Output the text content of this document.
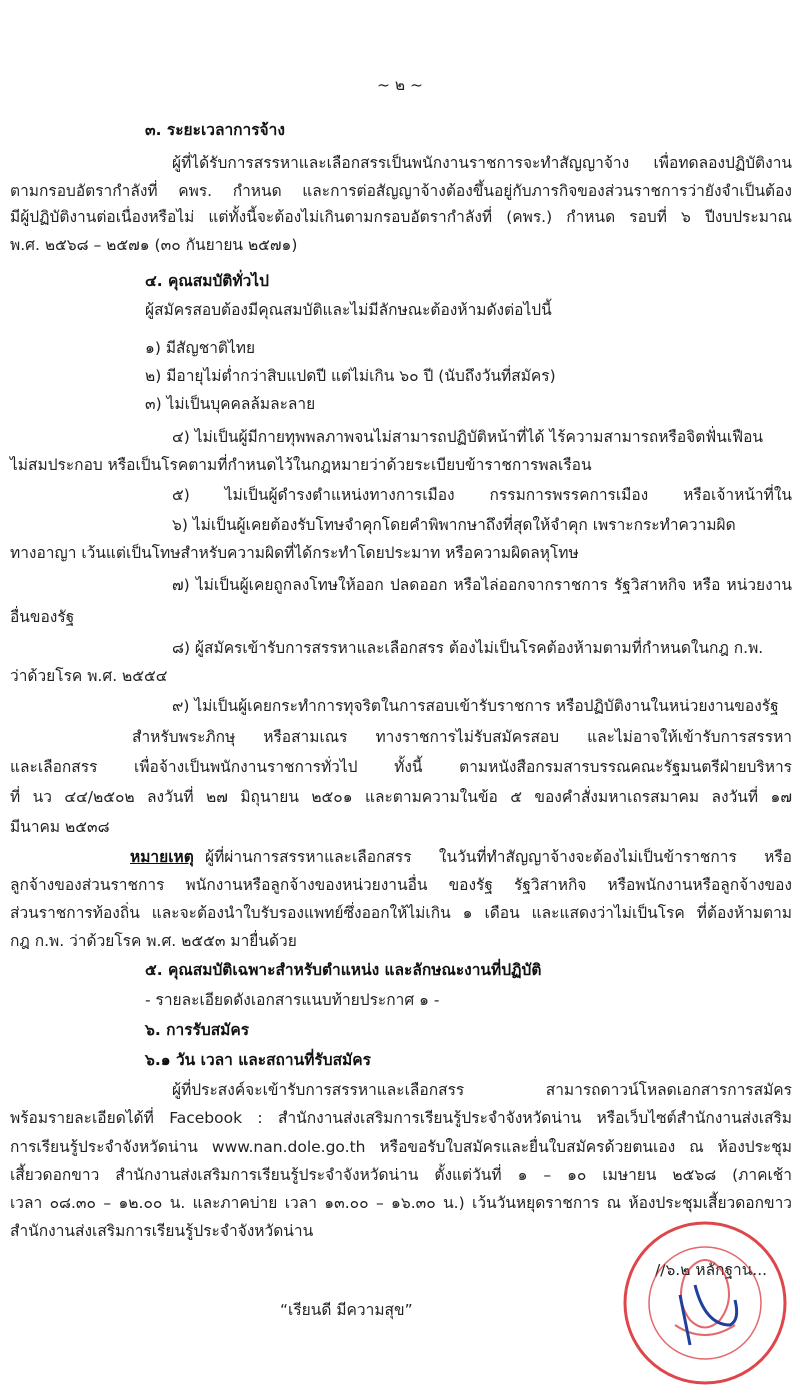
~ ๒ ~
๓. ระยะเวลาการจ้าง
ผู้ที่ได้รับการสรรหาและเลือกสรรเป็นพนักงานราชการจะทำสัญญาจ้าง เพื่อทดลองปฏิบัติงาน
ตามกรอบอัตรากำลังที่ คพร. กำหนด และการต่อสัญญาจ้างต้องขึ้นอยู่กับภารกิจของส่วนราชการว่ายังจำเป็นต้อง
มีผู้ปฏิบัติงานต่อเนื่องหรือไม่ แต่ทั้งนี้จะต้องไม่เกินตามกรอบอัตรากำลังที่ (คพร.) กำหนด รอบที่ ๖ ปีงบประมาณ
พ.ศ. ๒๕๖๘ – ๒๕๗๑ (๓๐ กันยายน ๒๕๗๑)
๔. คุณสมบัติทั่วไป
ผู้สมัครสอบต้องมีคุณสมบัติและไม่มีลักษณะต้องห้ามดังต่อไปนี้
๑) มีสัญชาติไทย
๒) มีอายุไม่ต่ำกว่าสิบแปดปี แต่ไม่เกิน ๖๐ ปี (นับถึงวันที่สมัคร)
๓) ไม่เป็นบุคคลล้มละลาย
๔) ไม่เป็นผู้มีกายทุพพลภาพจนไม่สามารถปฏิบัติหน้าที่ได้ ไร้ความสามารถหรือจิตฟั่นเฟือน
ไม่สมประกอบ หรือเป็นโรคตามที่กำหนดไว้ในกฎหมายว่าด้วยระเบียบข้าราชการพลเรือน
๕) ไม่เป็นผู้ดำรงตำแหน่งทางการเมือง กรรมการพรรคการเมือง หรือเจ้าหน้าที่ใน
๖) ไม่เป็นผู้เคยต้องรับโทษจำคุกโดยคำพิพากษาถึงที่สุดให้จำคุก เพราะกระทำความผิด
ทางอาญา เว้นแต่เป็นโทษสำหรับความผิดที่ได้กระทำโดยประมาท หรือความผิดลหุโทษ
๗) ไม่เป็นผู้เคยถูกลงโทษให้ออก ปลดออก หรือไล่ออกจากราชการ รัฐวิสาหกิจ หรือ หน่วยงาน
อื่นของรัฐ
๘) ผู้สมัครเข้ารับการสรรหาและเลือกสรร ต้องไม่เป็นโรคต้องห้ามตามที่กำหนดในกฎ ก.พ.
ว่าด้วยโรค พ.ศ. ๒๕๕๔
๙) ไม่เป็นผู้เคยกระทำการทุจริตในการสอบเข้ารับราชการ หรือปฏิบัติงานในหน่วยงานของรัฐ
สำหรับพระภิกษุ หรือสามเณร ทางราชการไม่รับสมัครสอบ และไม่อาจให้เข้ารับการสรรหา
และเลือกสรร เพื่อจ้างเป็นพนักงานราชการทั่วไป ทั้งนี้ ตามหนังสือกรมสารบรรณคณะรัฐมนตรีฝ่ายบริหาร
ที่ นว ๔๔/๒๕๐๒ ลงวันที่ ๒๗ มิถุนายน ๒๕๐๑ และตามความในข้อ ๕ ของคำสั่งมหาเถรสมาคม ลงวันที่ ๑๗
มีนาคม ๒๕๓๘
หมายเหตุ ผู้ที่ผ่านการสรรหาและเลือกสรร ในวันที่ทำสัญญาจ้างจะต้องไม่เป็นข้าราชการ หรือ
ลูกจ้างของส่วนราชการ พนักงานหรือลูกจ้างของหน่วยงานอื่น ของรัฐ รัฐวิสาหกิจ หรือพนักงานหรือลูกจ้างของ
ส่วนราชการท้องถิ่น และจะต้องนำใบรับรองแพทย์ซึ่งออกให้ไม่เกิน ๑ เดือน และแสดงว่าไม่เป็นโรค ที่ต้องห้ามตาม
กฎ ก.พ. ว่าด้วยโรค พ.ศ. ๒๕๕๓ มายื่นด้วย
๕. คุณสมบัติเฉพาะสำหรับตำแหน่ง และลักษณะงานที่ปฏิบัติ
- รายละเอียดดังเอกสารแนบท้ายประกาศ ๑ -
๖. การรับสมัคร
๖.๑ วัน เวลา และสถานที่รับสมัคร
ผู้ที่ประสงค์จะเข้ารับการสรรหาและเลือกสรร สามารถดาวน์โหลดเอกสารการสมัคร
พร้อมรายละเอียดได้ที่ Facebook : สำนักงานส่งเสริมการเรียนรู้ประจำจังหวัดน่าน หรือเว็บไซต์สำนักงานส่งเสริม
การเรียนรู้ประจำจังหวัดน่าน www.nan.dole.go.th หรือขอรับใบสมัครและยื่นใบสมัครด้วยตนเอง ณ ห้องประชุม
เสี้ยวดอกขาว สำนักงานส่งเสริมการเรียนรู้ประจำจังหวัดน่าน ตั้งแต่วันที่ ๑ – ๑๐ เมษายน ๒๕๖๘ (ภาคเช้า
เวลา ๐๘.๓๐ – ๑๒.๐๐ น. และภาคบ่าย เวลา ๑๓.๐๐ – ๑๖.๓๐ น.) เว้นวันหยุดราชการ ณ ห้องประชุมเสี้ยวดอกขาว
สำนักงานส่งเสริมการเรียนรู้ประจำจังหวัดน่าน
//๖.๒ หลักฐาน...
“เรียนดี มีความสุข”
